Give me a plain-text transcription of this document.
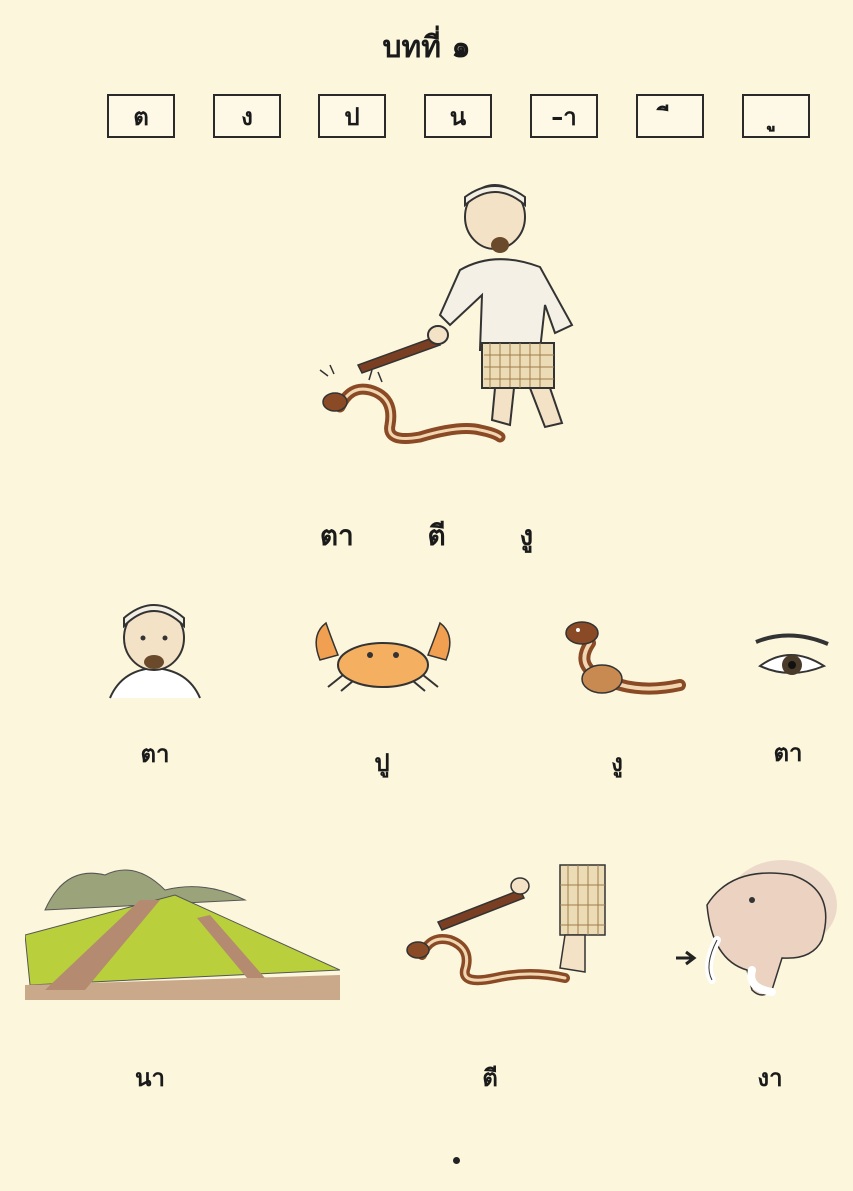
บทที่ ๑
ต	ง	ป	น	–า
ตา	ตี	งู
ตา	ปู	งู	ตา
นา	ตี	งา
